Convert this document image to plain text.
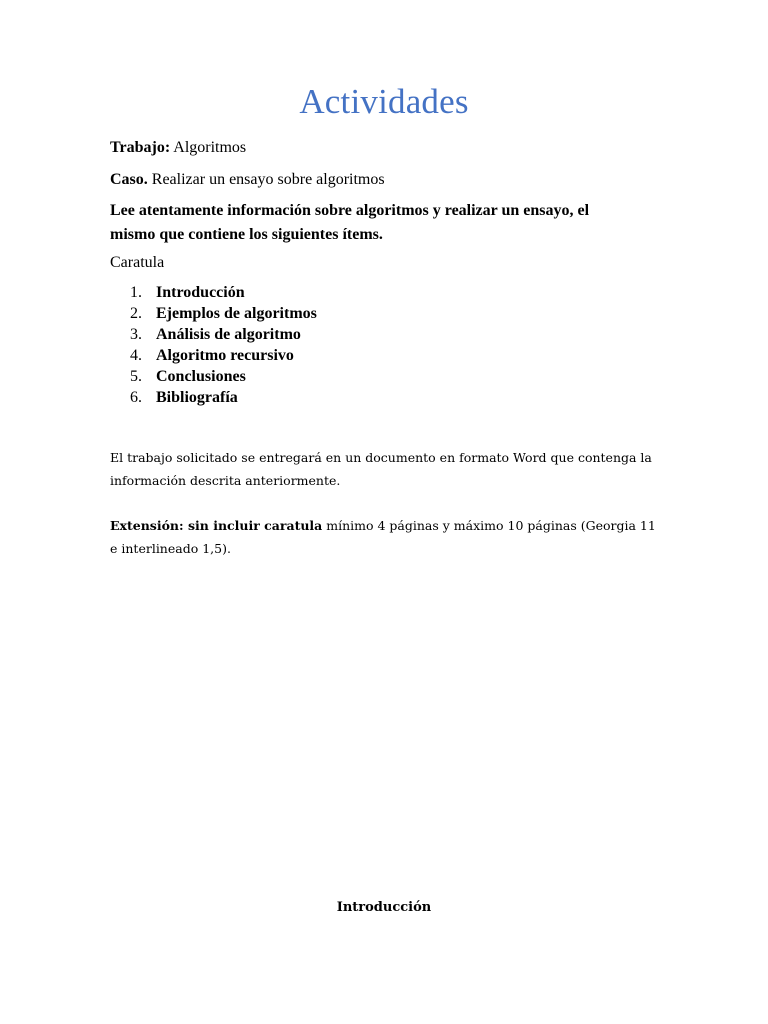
Actividades
Trabajo: Algoritmos
Caso. Realizar un ensayo sobre algoritmos
Lee atentamente información sobre algoritmos y realizar un ensayo, el
mismo que contiene los siguientes ítems.
Caratula
1. Introducción
2. Ejemplos de algoritmos
3. Análisis de algoritmo
4. Algoritmo recursivo
5. Conclusiones
6. Bibliografía
El trabajo solicitado se entregará en un documento en formato Word que contenga la
información descrita anteriormente.
Extensión: sin incluir caratula mínimo 4 páginas y máximo 10 páginas (Georgia 11
e interlineado 1,5).
Introducción
